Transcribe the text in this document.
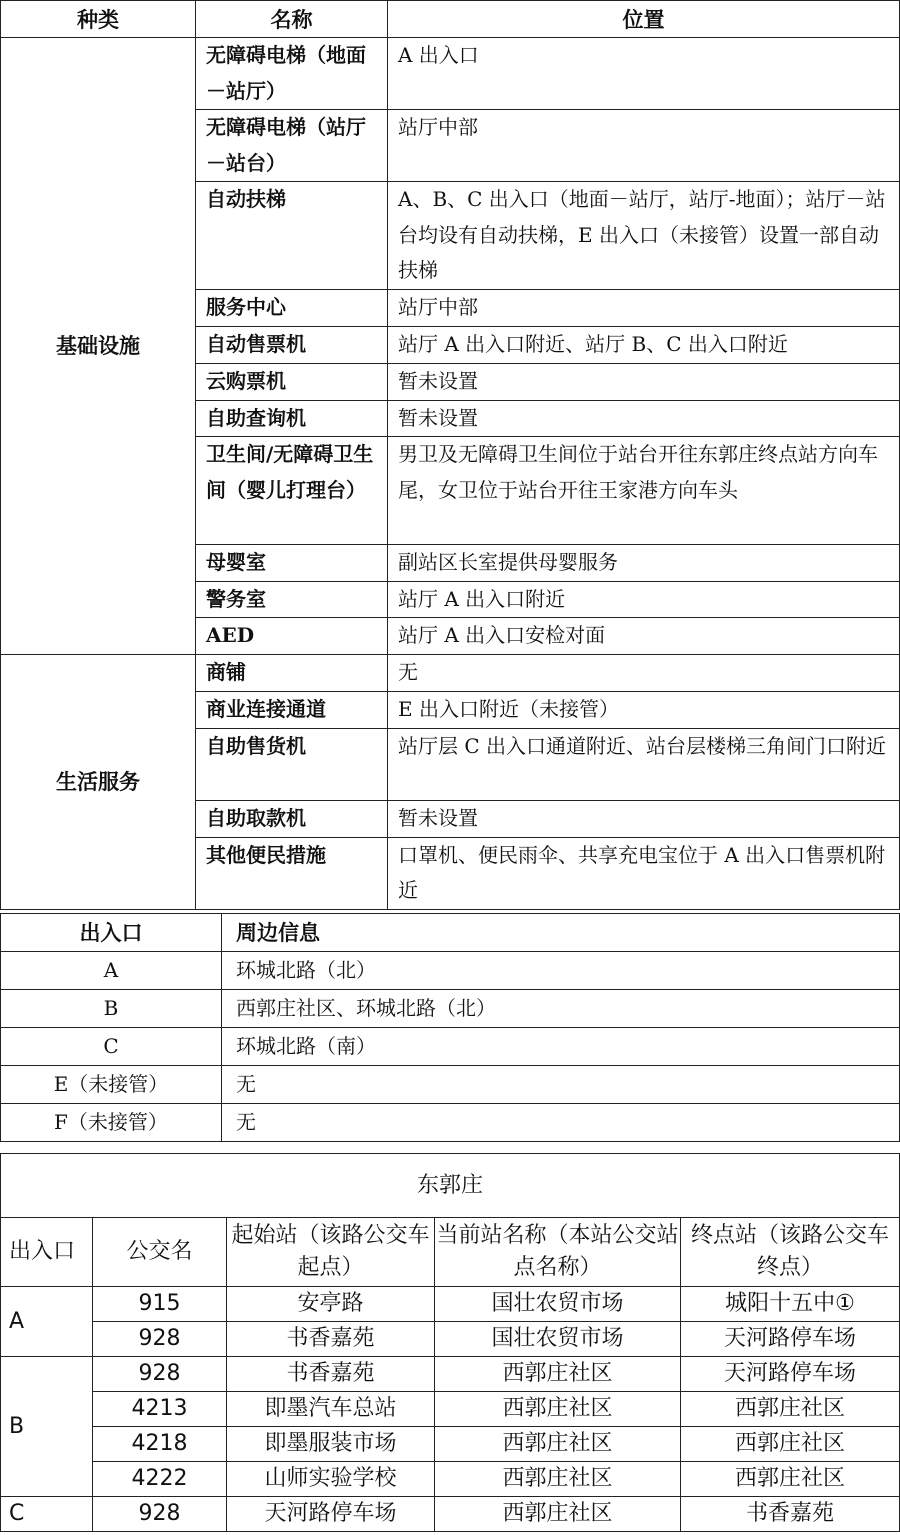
种类	名称	位置
基础设施	无障碍电梯（地面－站厅）	A 出入口
	无障碍电梯（站厅－站台）	站厅中部
	自动扶梯	A、B、C 出入口（地面－站厅，站厅-地面）；站厅－站台均设有自动扶梯，E 出入口（未接管）设置一部自动扶梯
	服务中心	站厅中部
	自动售票机	站厅 A 出入口附近、站厅 B、C 出入口附近
	云购票机	暂未设置
	自助查询机	暂未设置
	卫生间/无障碍卫生间（婴儿打理台）	男卫及无障碍卫生间位于站台开往东郭庄终点站方向车尾，女卫位于站台开往王家港方向车头
	母婴室	副站区长室提供母婴服务
	警务室	站厅 A 出入口附近
	AED	站厅 A 出入口安检对面
生活服务	商铺	无
	商业连接通道	E 出入口附近（未接管）
	自助售货机	站厅层 C 出入口通道附近、站台层楼梯三角间门口附近
	自助取款机	暂未设置
	其他便民措施	口罩机、便民雨伞、共享充电宝位于 A 出入口售票机附近
出入口	周边信息
A	环城北路（北）
B	西郭庄社区、环城北路（北）
C	环城北路（南）
E（未接管）	无
F（未接管）	无
东郭庄				
出入口	公交名	起始站（该路公交车起点）	当前站名称（本站公交站点名称）	终点站（该路公交车终点）
A	915	安亭路	国壮农贸市场	城阳十五中①
	928	书香嘉苑	国壮农贸市场	天河路停车场
B	928	书香嘉苑	西郭庄社区	天河路停车场
	4213	即墨汽车总站	西郭庄社区	西郭庄社区
	4218	即墨服装市场	西郭庄社区	西郭庄社区
	4222	山师实验学校	西郭庄社区	西郭庄社区
C	928	天河路停车场	西郭庄社区	书香嘉苑
